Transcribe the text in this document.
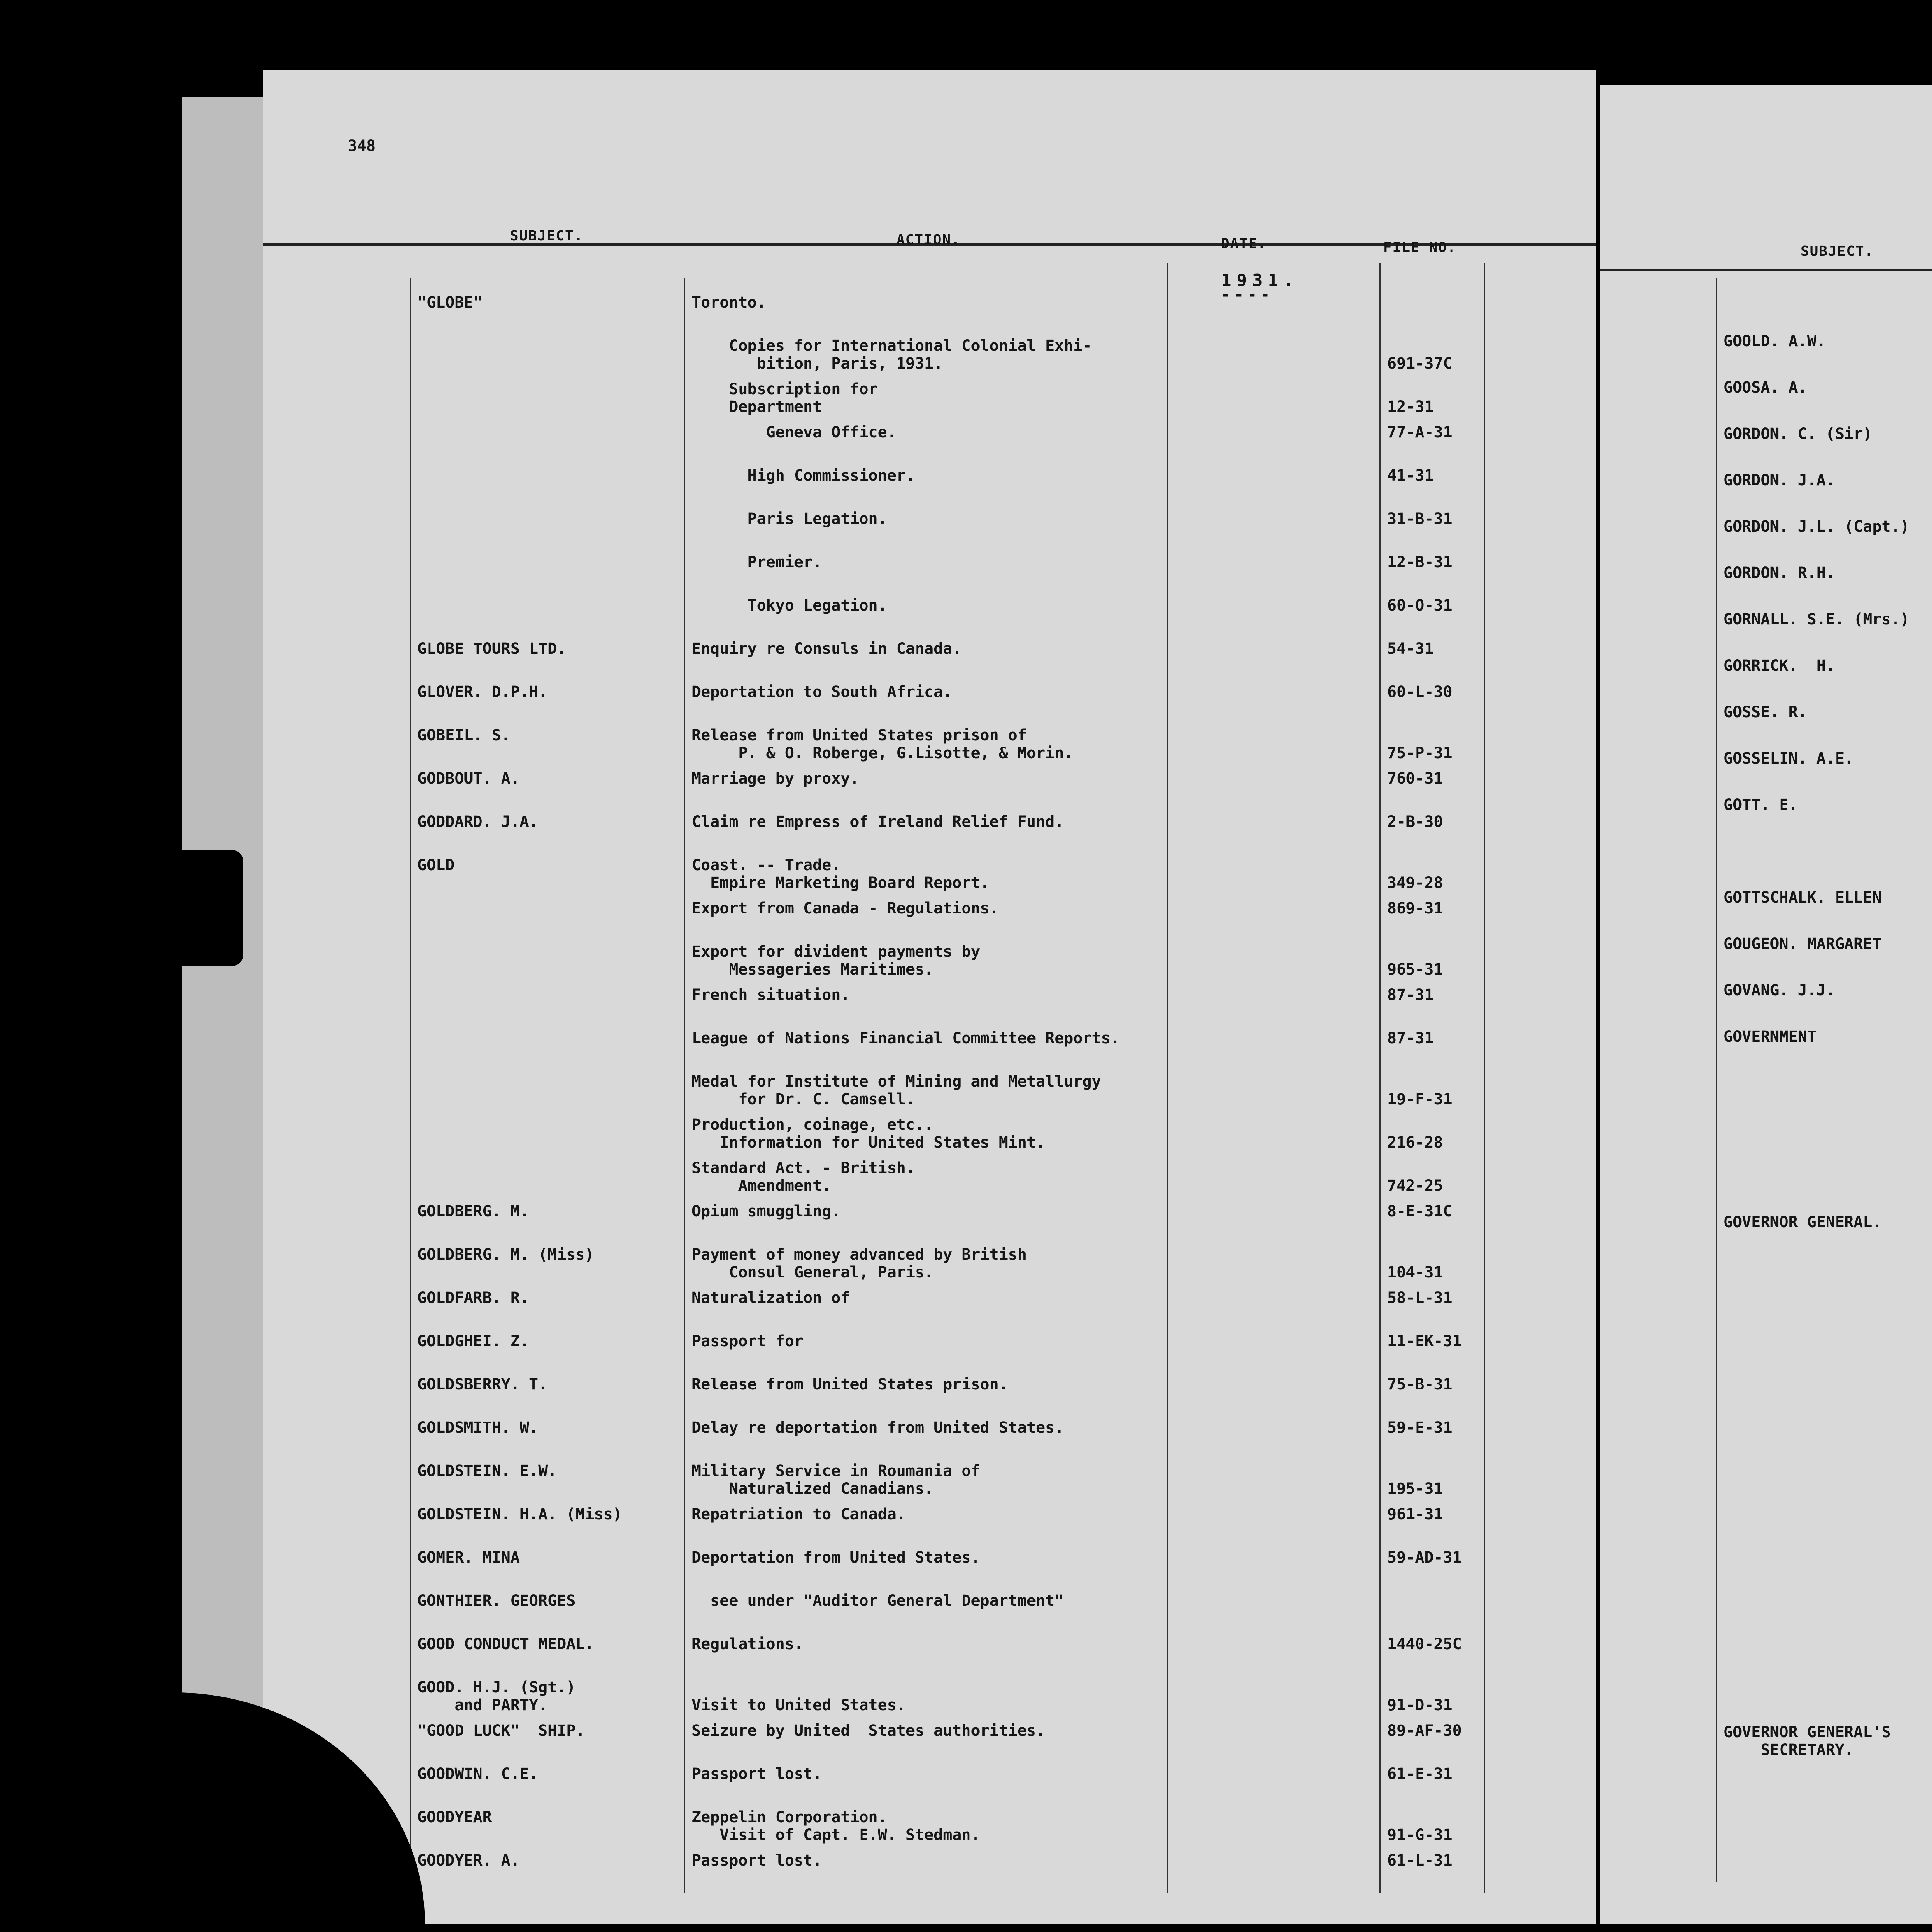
348
SUBJECT.	ACTION.	DATE.	FILE NO.
1931.
----
"GLOBE"	Toronto.
Copies for International Colonial Exhi-
bition, Paris, 1931.	691-37C
Subscription for
Department	12-31
Geneva Office.	77-A-31
High Commissioner.	41-31
Paris Legation.	31-B-31
Premier.	12-B-31
Tokyo Legation.	60-O-31
GLOBE TOURS LTD.	Enquiry re Consuls in Canada.	54-31
GLOVER. D.P.H.	Deportation to South Africa.	60-L-30
GOBEIL. S.	Release from United States prison of
P. & O. Roberge, G.Lisotte, & Morin.	75-P-31
GODBOUT. A.	Marriage by proxy.	760-31
GODDARD. J.A.	Claim re Empress of Ireland Relief Fund.	2-B-30
GOLD	Coast. -- Trade.
Empire Marketing Board Report.	349-28
Export from Canada - Regulations.	869-31
Export for divident payments by
Messageries Maritimes.	965-31
French situation.	87-31
League of Nations Financial Committee Reports.	87-31
Medal for Institute of Mining and Metallurgy
for Dr. C. Camsell.	19-F-31
Production, coinage, etc..
Information for United States Mint.	216-28
Standard Act. - British.
Amendment.	742-25
GOLDBERG. M.	Opium smuggling.	8-E-31C
GOLDBERG. M. (Miss)	Payment of money advanced by British
Consul General, Paris.	104-31
GOLDFARB. R.	Naturalization of	58-L-31
GOLDGHEI. Z.	Passport for	11-EK-31
GOLDSBERRY. T.	Release from United States prison.	75-B-31
GOLDSMITH. W.	Delay re deportation from United States.	59-E-31
GOLDSTEIN. E.W.	Military Service in Roumania of
Naturalized Canadians.	195-31
GOLDSTEIN. H.A. (Miss)	Repatriation to Canada.	961-31
GOMER. MINA	Deportation from United States.	59-AD-31
GONTHIER. GEORGES	see under "Auditor General Department"
GOOD CONDUCT MEDAL.	Regulations.	1440-25C
GOOD. H.J. (Sgt.)
and PARTY.	
Visit to United States.	91-D-31
"GOOD LUCK"  SHIP.	Seizure by United  States authorities.	89-AF-30
GOODWIN. C.E.	Passport lost.	61-E-31
GOODYEAR	Zeppelin Corporation.
Visit of Capt. E.W. Stedman.	91-G-31
GOODYER. A.	Passport lost.	61-L-31
SUBJECT.
GOOLD. A.W.
GOOSA. A.
GORDON. C. (Sir)
GORDON. J.A.
GORDON. J.L. (Capt.)
GORDON. R.H.
GORNALL. S.E. (Mrs.)
GORRICK.  H.
GOSSE. R.
GOSSELIN. A.E.
GOTT. E.
GOTTSCHALK. ELLEN
GOUGEON. MARGARET
GOVANG. J.J.
GOVERNMENT
GOVERNOR GENERAL.
GOVERNOR GENERAL'S
SECRETARY.
